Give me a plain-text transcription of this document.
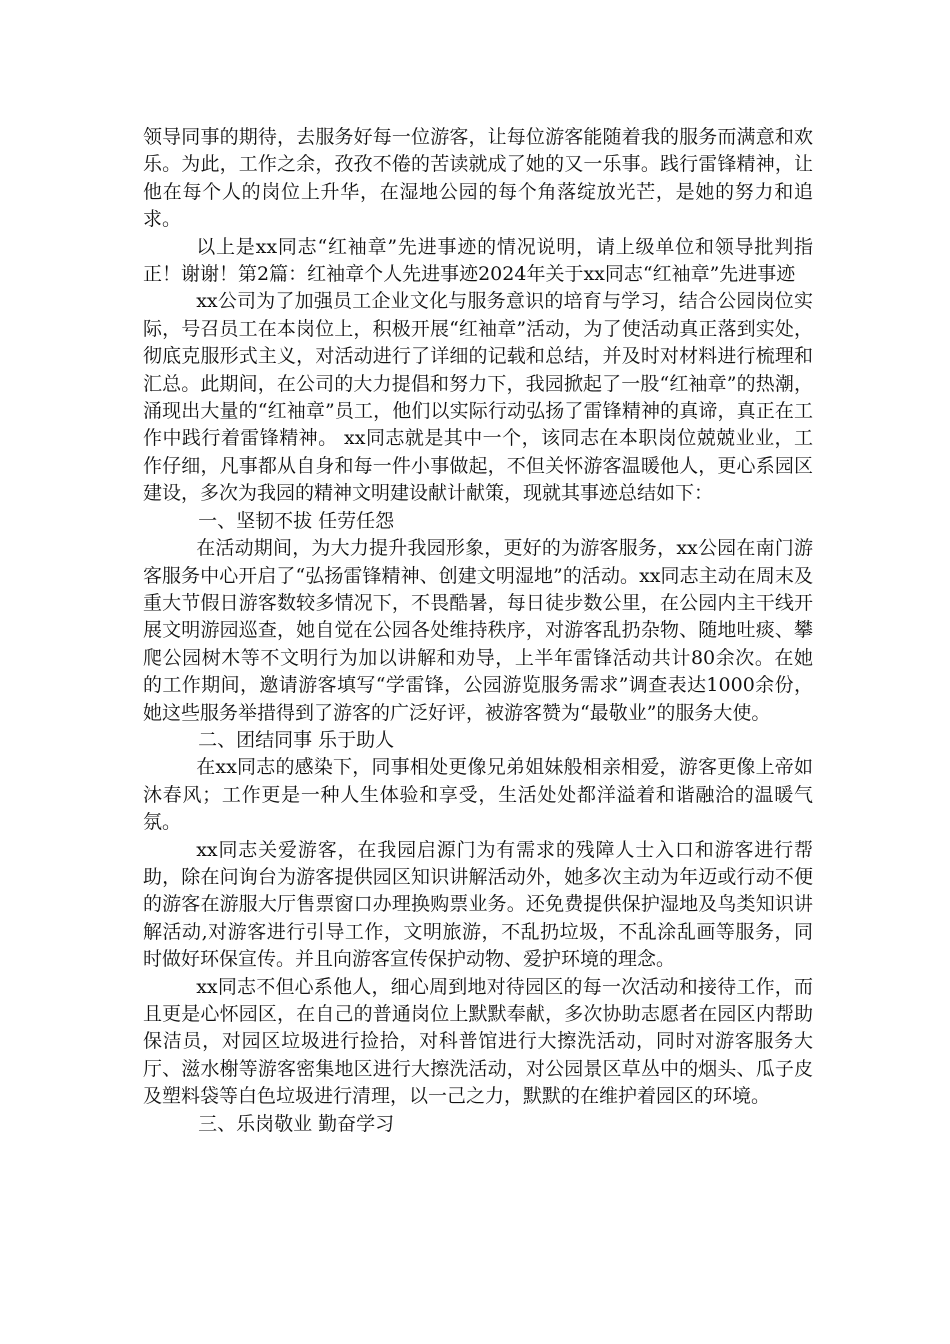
领导同事的期待，去服务好每一位游客，让每位游客能随着我的服务而满意和欢乐。为此，工作之余，孜孜不倦的苦读就成了她的又一乐事。践行雷锋精神，让他在每个人的岗位上升华，在湿地公园的每个角落绽放光芒，是她的努力和追求。

以上是xx同志“红袖章”先进事迹的情况说明，请上级单位和领导批判指正！谢谢！第2篇：红袖章个人先进事迹2024年关于xx同志“红袖章”先进事迹

xx公司为了加强员工企业文化与服务意识的培育与学习，结合公园岗位实际，号召员工在本岗位上，积极开展“红袖章”活动，为了使活动真正落到实处，彻底克服形式主义，对活动进行了详细的记载和总结，并及时对材料进行梳理和汇总。此期间，在公司的大力提倡和努力下，我园掀起了一股“红袖章”的热潮，涌现出大量的“红袖章”员工，他们以实际行动弘扬了雷锋精神的真谛，真正在工作中践行着雷锋精神。 xx同志就是其中一个，该同志在本职岗位兢兢业业，工作仔细，凡事都从自身和每一件小事做起，不但关怀游客温暖他人，更心系园区建设，多次为我园的精神文明建设献计献策，现就其事迹总结如下：

一、坚韧不拔 任劳任怨

在活动期间，为大力提升我园形象，更好的为游客服务，xx公园在南门游客服务中心开启了“弘扬雷锋精神、创建文明湿地”的活动。xx同志主动在周末及重大节假日游客数较多情况下，不畏酷暑，每日徒步数公里，在公园内主干线开展文明游园巡查，她自觉在公园各处维持秩序，对游客乱扔杂物、随地吐痰、攀爬公园树木等不文明行为加以讲解和劝导，上半年雷锋活动共计80余次。在她的工作期间，邀请游客填写“学雷锋，公园游览服务需求”调查表达1000余份，她这些服务举措得到了游客的广泛好评，被游客赞为“最敬业”的服务大使。

二、团结同事 乐于助人

在xx同志的感染下，同事相处更像兄弟姐妹般相亲相爱，游客更像上帝如沐春风；工作更是一种人生体验和享受，生活处处都洋溢着和谐融洽的温暖气氛。

xx同志关爱游客，在我园启源门为有需求的残障人士入口和游客进行帮助，除在问询台为游客提供园区知识讲解活动外，她多次主动为年迈或行动不便的游客在游服大厅售票窗口办理换购票业务。还免费提供保护湿地及鸟类知识讲解活动,对游客进行引导工作，文明旅游，不乱扔垃圾，不乱涂乱画等服务，同时做好环保宣传。并且向游客宣传保护动物、爱护环境的理念。

xx同志不但心系他人，细心周到地对待园区的每一次活动和接待工作，而且更是心怀园区，在自己的普通岗位上默默奉献，多次协助志愿者在园区内帮助保洁员，对园区垃圾进行捡拾，对科普馆进行大擦洗活动，同时对游客服务大厅、滋水榭等游客密集地区进行大擦洗活动，对公园景区草丛中的烟头、瓜子皮及塑料袋等白色垃圾进行清理，以一己之力，默默的在维护着园区的环境。

三、乐岗敬业 勤奋学习
